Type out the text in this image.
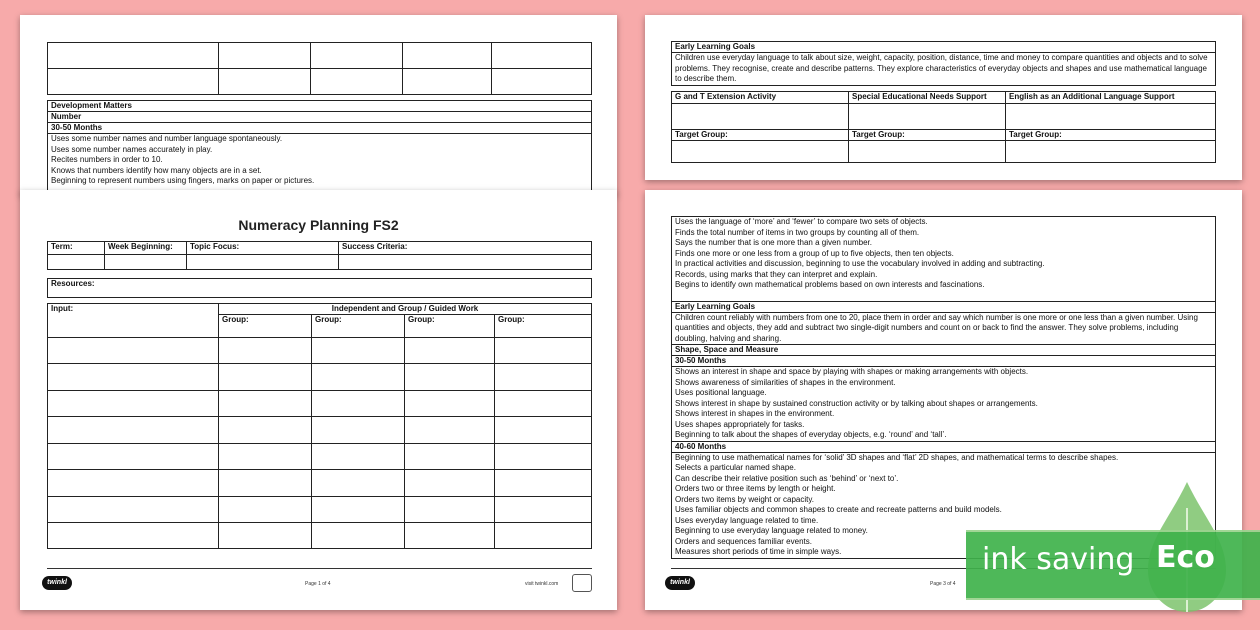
Development Matters
Number
30-50 Months

Uses some number names and number language spontaneously.
Uses some number names accurately in play.
Recites numbers in order to 10.
Knows that numbers identify how many objects are in a set.
Beginning to represent numbers using fingers, marks on paper or pictures.
Early Learning Goals
Children use everyday language to talk about size, weight, capacity, position, distance, time and money to compare quantities and objects and to solve problems. They recognise, create and describe patterns. They explore characteristics of everyday objects and shapes and use mathematical language to describe them.
G and T Extension Activity	Special Educational Needs Support	English as an Additional Language Support

Target Group:	Target Group:	Target Group:

Numeracy Planning FS2
Term:	Week Beginning:	Topic Focus:	Success Criteria:

Resources:
Input:	Independent and Group / Guided Work			
	Group:	Group:	Group:	Group:

twinkl	Page 1 of 4	visit twinkl.com
Uses the language of ‘more’ and ‘fewer’ to compare two sets of objects.
Finds the total number of items in two groups by counting all of them.
Says the number that is one more than a given number.
Finds one more or one less from a group of up to five objects, then ten objects.
In practical activities and discussion, beginning to use the vocabulary involved in adding and subtracting.
Records, using marks that they can interpret and explain.
Begins to identify own mathematical problems based on own interests and fascinations.

Early Learning Goals
Children count reliably with numbers from one to 20, place them in order and say which number is one more or one less than a given number. Using quantities and objects, they add and subtract two single-digit numbers and count on or back to find the answer. They solve problems, including doubling, halving and sharing.
Shape, Space and Measure
30-50 Months

Shows an interest in shape and space by playing with shapes or making arrangements with objects.
Shows awareness of similarities of shapes in the environment.
Uses positional language.
Shows interest in shape by sustained construction activity or by talking about shapes or arrangements.
Shows interest in shapes in the environment.
Uses shapes appropriately for tasks.
Beginning to talk about the shapes of everyday objects, e.g. ‘round’ and ‘tall’.

40-60 Months

Beginning to use mathematical names for ‘solid’ 3D shapes and ‘flat’ 2D shapes, and mathematical terms to describe shapes.
Selects a particular named shape.
Can describe their relative position such as ‘behind’ or ‘next to’.
Orders two or three items by length or height.
Orders two items by weight or capacity.
Uses familiar objects and common shapes to create and recreate patterns and build models.
Uses everyday language related to time.
Beginning to use everyday language related to money.
Orders and sequences familiar events.
Measures short periods of time in simple ways.
twinkl	Page 3 of 4
ink saving Eco
